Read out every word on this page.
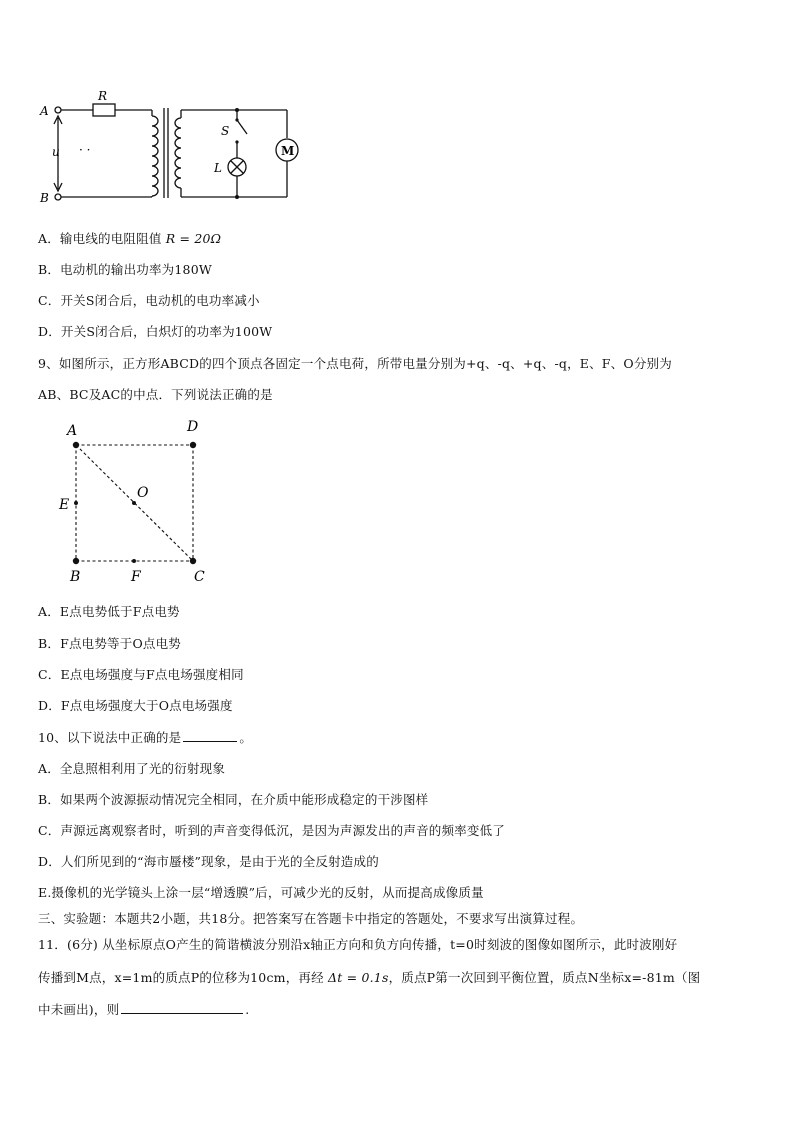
A
B
u · ·
R
S
L
M
A．输电线的电阻阻值 R = 20Ω
B．电动机的输出功率为180W
C．开关S闭合后，电动机的电功率减小
D．开关S闭合后，白炽灯的功率为100W
9、如图所示，正方形ABCD的四个顶点各固定一个点电荷，所带电量分别为+q、-q、+q、-q，E、F、O分别为
AB、BC及AC的中点．下列说法正确的是
A	D
B	C
E
F
O
A．E点电势低于F点电势
B．F点电势等于O点电势
C．E点电场强度与F点电场强度相同
D．F点电场强度大于O点电场强度
10、以下说法中正确的是	。
A．全息照相利用了光的衍射现象
B．如果两个波源振动情况完全相同，在介质中能形成稳定的干涉图样
C．声源远离观察者时，听到的声音变得低沉，是因为声源发出的声音的频率变低了
D．人们所见到的“海市蜃楼”现象，是由于光的全反射造成的
E.摄像机的光学镜头上涂一层“增透膜”后，可减少光的反射，从而提高成像质量
三、实验题：本题共2小题，共18分。把答案写在答题卡中指定的答题处，不要求写出演算过程。
11．(6分) 从坐标原点O产生的简谐横波分别沿x轴正方向和负方向传播，t=0时刻波的图像如图所示，此时波刚好
传播到M点，x=1m的质点P的位移为10cm，再经 Δt = 0.1s，质点P第一次回到平衡位置，质点N坐标x=-81m（图
中未画出)，则	.
